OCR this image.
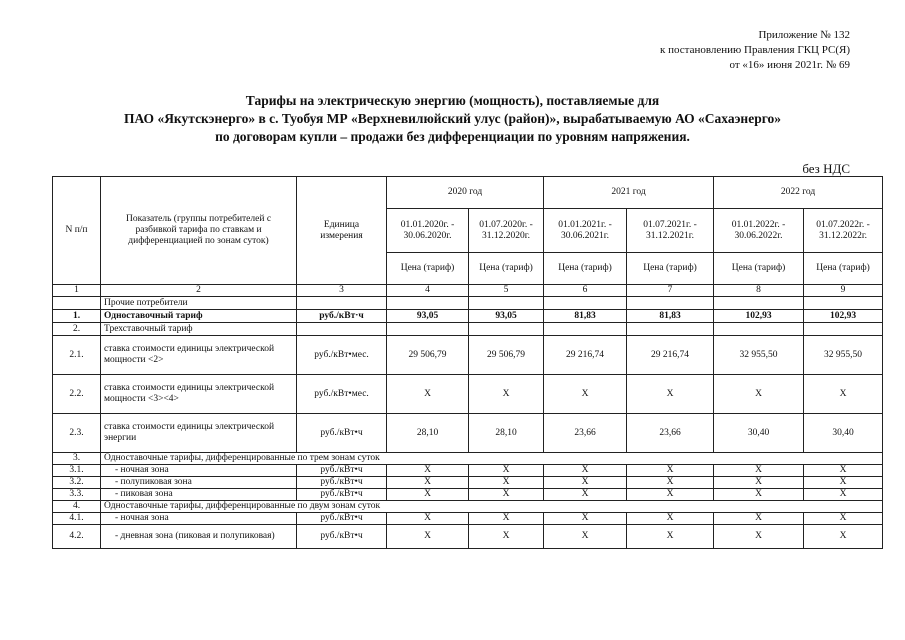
Приложение № 132
к постановлению Правления ГКЦ РС(Я)
от «16» июня 2021г. № 69
Тарифы на электрическую энергию (мощность), поставляемые для
ПАО «Якутскэнерго» в с. Туобуя МР «Верхневилюйский улус (район)», вырабатываемую АО «Сахаэнерго»
по договорам купли – продажи без дифференциации по уровням напряжения.
без НДС
N п/п	Показатель (группы потребителей с разбивкой тарифа по ставкам и дифференциацией по зонам суток)	Единица измерения	2020 год		2021 год		2022 год	
			01.01.2020г. - 30.06.2020г.	01.07.2020г. - 31.12.2020г.	01.01.2021г. - 30.06.2021г.	01.07.2021г. - 31.12.2021г.	01.01.2022г. - 30.06.2022г.	01.07.2022г. - 31.12.2022г.
			Цена (тариф)	Цена (тариф)	Цена (тариф)	Цена (тариф)	Цена (тариф)	Цена (тариф)
1	2	3	4	5	6	7	8	9
	Прочие потребители							
1.	Одноставочный тариф	руб./кВт·ч	93,05	93,05	81,83	81,83	102,93	102,93
2.	Трехставочный тариф							
2.1.	ставка стоимости единицы электрической мощности <2>	руб./кВт•мес.	29 506,79	29 506,79	29 216,74	29 216,74	32 955,50	32 955,50
2.2.	ставка стоимости единицы электрической мощности <3><4>	руб./кВт•мес.	X	X	X	X	X	X
2.3.	ставка стоимости единицы электрической энергии	руб./кВт•ч	28,10	28,10	23,66	23,66	30,40	30,40
3.	Одноставочные тарифы, дифференцированные по трем зонам суток							
3.1.	- ночная зона	руб./кВт•ч	X	X	X	X	X	X
3.2.	- полупиковая зона	руб./кВт•ч	X	X	X	X	X	X
3.3.	- пиковая зона	руб./кВт•ч	X	X	X	X	X	X
4.	Одноставочные тарифы, дифференцированные по двум зонам суток							
4.1.	- ночная зона	руб./кВт•ч	X	X	X	X	X	X
4.2.	- дневная зона (пиковая и полупиковая)	руб./кВт•ч	X	X	X	X	X	X
